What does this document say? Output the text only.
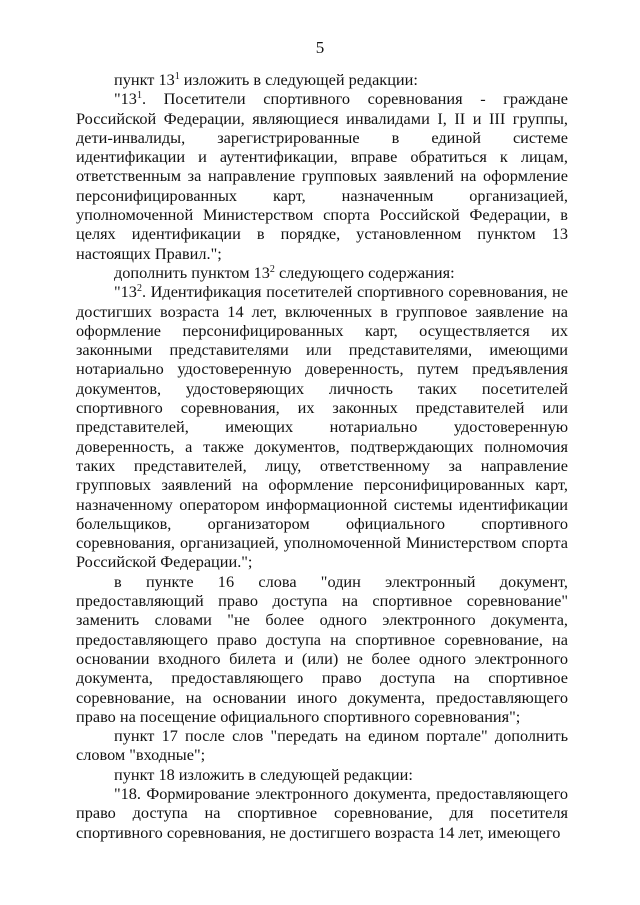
5

пункт $13^1$ изложить в следующей редакции:

"$13^1$. Посетители спортивного соревнования - граждане Российской Федерации, являющиеся инвалидами I, II и III группы, дети-инвалиды, зарегистрированные в единой системе идентификации и аутентификации, вправе обратиться к лицам, ответственным за направление групповых заявлений на оформление персонифицированных карт, назначенным организацией, уполномоченной Министерством спорта Российской Федерации, в целях идентификации в порядке, установленном пунктом 13 настоящих Правил.";

дополнить пунктом $13^2$ следующего содержания:

"$13^2$. Идентификация посетителей спортивного соревнования, не достигших возраста 14 лет, включенных в групповое заявление на оформление персонифицированных карт, осуществляется их законными представителями или представителями, имеющими нотариально удостоверенную доверенность, путем предъявления документов, удостоверяющих личность таких посетителей спортивного соревнования, их законных представителей или представителей, имеющих нотариально удостоверенную доверенность, а также документов, подтверждающих полномочия таких представителей, лицу, ответственному за направление групповых заявлений на оформление персонифицированных карт, назначенному оператором информационной системы идентификации болельщиков, организатором официального спортивного соревнования, организацией, уполномоченной Министерством спорта Российской Федерации.";

в пункте 16 слова "один электронный документ, предоставляющий право доступа на спортивное соревнование" заменить словами "не более одного электронного документа, предоставляющего право доступа на спортивное соревнование, на основании входного билета и (или) не более одного электронного документа, предоставляющего право доступа на спортивное соревнование, на основании иного документа, предоставляющего право на посещение официального спортивного соревнования";

пункт 17 после слов "передать на едином портале" дополнить словом "входные";

пункт 18 изложить в следующей редакции:

"18. Формирование электронного документа, предоставляющего право доступа на спортивное соревнование, для посетителя спортивного соревнования, не достигшего возраста 14 лет, имеющего
